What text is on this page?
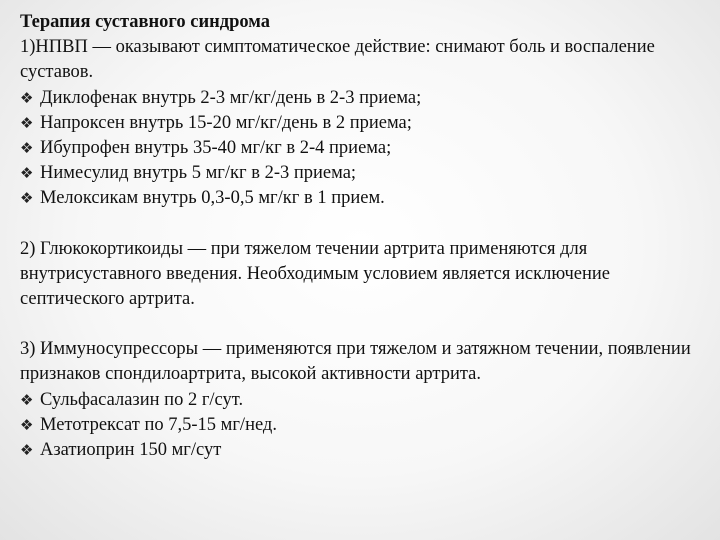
Терапия суставного синдрома

1)НПВП — оказывают симптоматическое действие: снимают боль и воспаление суставов.

❖ Диклофенак внутрь 2-3 мг/кг/день в 2-3 приема;
❖ Напроксен внутрь 15-20 мг/кг/день в 2 приема;
❖ Ибупрофен внутрь 35-40 мг/кг в 2-4 приема;
❖ Нимесулид внутрь 5 мг/кг в 2-3 приема;
❖ Мелоксикам внутрь 0,3-0,5 мг/кг в 1 прием.

2) Глюкокортикоиды — при тяжелом течении артрита применяются для внутрисуставного введения. Необходимым условием является исключение септического артрита.

3) Иммуносупрессоры — применяются при тяжелом и затяжном течении, появлении признаков спондилоартрита, высокой активности артрита.

❖ Сульфасалазин по 2 г/сут.
❖ Метотрексат по 7,5-15 мг/нед.
❖ Азатиоприн 150 мг/сут
